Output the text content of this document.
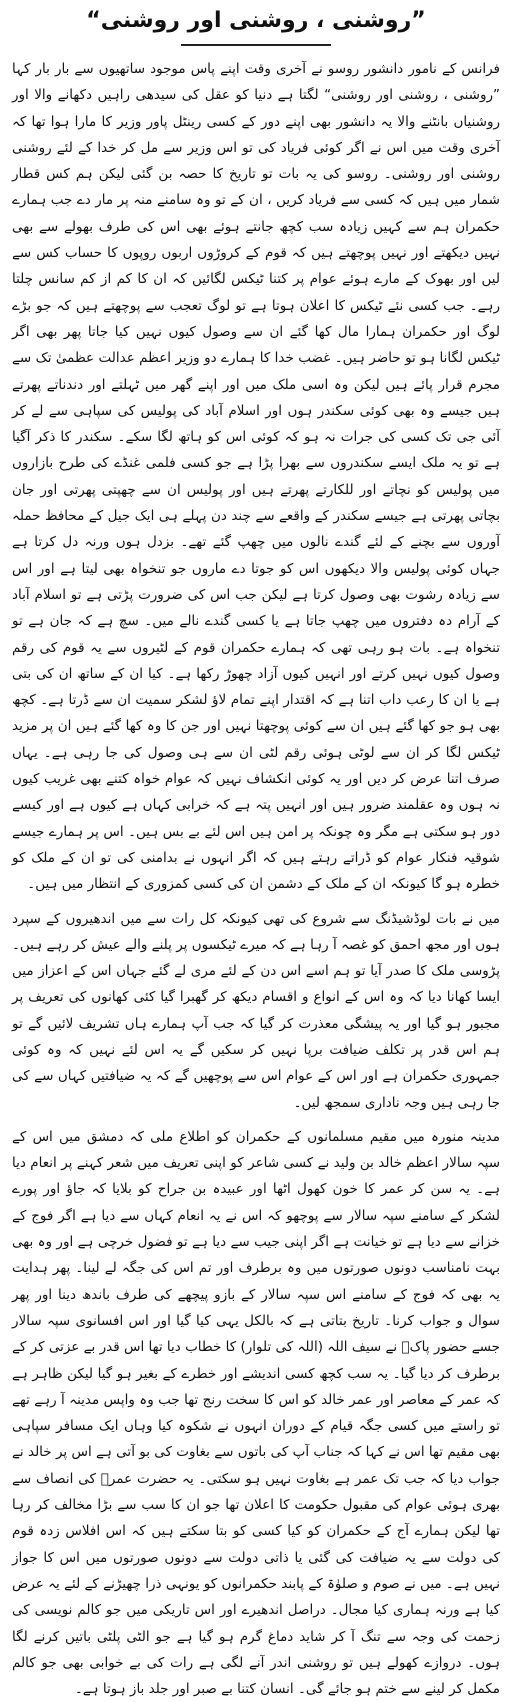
”روشنی ، روشنی اور روشنی“

فرانس کے نامور دانشور روسو نے آخری وقت اپنے پاس موجود ساتھیوں سے بار بار کہا ”روشنی ، روشنی اور روشنی“ لگتا ہے دنیا کو عقل کی سیدھی راہیں دکھانے والا اور روشنیاں بانٹنے والا یہ دانشور بھی اپنے دور کے کسی رینٹل پاور وزیر کا مارا ہوا تھا کہ آخری وقت میں اس نے اگر کوئی فریاد کی تو اس وزیر سے مل کر خدا کے لئے روشنی روشنی اور روشنی۔ روسو کی یہ بات تو تاریخ کا حصہ بن گئی لیکن ہم کس قطار شمار میں ہیں کہ کسی سے فریاد کریں ، ان کے تو وہ سامنے منہ پر مار دے جب ہمارے حکمران ہم سے کہیں زیادہ سب کچھ جانتے ہوئے بھی اس کی طرف بھولے سے بھی نہیں دیکھتے اور نہیں پوچھتے ہیں کہ قوم کے کروڑوں اربوں روپوں کا حساب کس سے لیں اور بھوک کے مارے ہوئے عوام پر کتنا ٹیکس لگائیں کہ ان کا کم از کم سانس چلتا رہے۔ جب کسی نئے ٹیکس کا اعلان ہوتا ہے تو لوگ تعجب سے پوچھتے ہیں کہ جو بڑے لوگ اور حکمران ہمارا مال کھا گئے ان سے وصول کیوں نہیں کیا جاتا پھر بھی اگر ٹیکس لگانا ہو تو حاضر ہیں۔ غضب خدا کا ہمارے دو وزیر اعظم عدالت عظمیٰ تک سے مجرم قرار پائے ہیں لیکن وہ اسی ملک میں اور اپنے گھر میں ٹہلتے اور دندناتے پھرتے ہیں جیسے وہ بھی کوئی سکندر ہوں اور اسلام آباد کی پولیس کی سپاہی سے لے کر آئی جی تک کسی کی جرات نہ ہو کہ کوئی اس کو ہاتھ لگا سکے۔ سکندر کا ذکر آگیا ہے تو یہ ملک ایسے سکندروں سے بھرا پڑا ہے جو کسی فلمی غنڈے کی طرح بازاروں میں پولیس کو نچاتے اور للکارتے پھرتے ہیں اور پولیس ان سے چھپتی پھرتی اور جان بچاتی پھرتی ہے جیسے سکندر کے واقعے سے چند دن پہلے ہی ایک جیل کے محافظ حملہ آوروں سے بچنے کے لئے گندے نالوں میں چھپ گئے تھے۔ بزدل ہوں ورنہ دل کرتا ہے جہاں کوئی پولیس والا دیکھوں اس کو جوتا دے ماروں جو تنخواہ بھی لیتا ہے اور اس سے زیادہ رشوت بھی وصول کرتا ہے لیکن جب اس کی ضرورت پڑتی ہے تو اسلام آباد کے آرام دہ دفتروں میں چھپ جاتا ہے یا کسی گندے نالے میں۔ سچ ہے کہ جان ہے تو تنخواہ ہے۔ بات ہو رہی تھی کہ ہمارے حکمران قوم کے لٹیروں سے یہ قوم کی رقم وصول کیوں نہیں کرتے اور انہیں کیوں آزاد چھوڑ رکھا ہے۔ کیا ان کے ساتھ ان کی بتی ہے یا ان کا رعب داب اتنا ہے کہ اقتدار اپنے تمام لاؤ لشکر سمیت ان سے ڈرتا ہے۔ کچھ بھی ہو جو کھا گئے ہیں ان سے کوئی پوچھتا نہیں اور جن کا وہ کھا گئے ہیں ان پر مزید ٹیکس لگا کر ان سے لوٹی ہوئی رقم لٹی ان سے ہی وصول کی جا رہی ہے۔ یہاں صرف اتنا عرض کر دیں اور یہ کوئی انکشاف نہیں کہ عوام خواہ کتنے بھی غریب کیوں نہ ہوں وہ عقلمند ضرور ہیں اور انہیں پتہ ہے کہ خرابی کہاں ہے کیوں ہے اور کیسے دور ہو سکتی ہے مگر وہ چونکہ پر امن ہیں اس لئے بے بس ہیں۔ اس پر ہمارے جیسے شوقیہ فنکار عوام کو ڈراتے رہتے ہیں کہ اگر انہوں نے بدامنی کی تو ان کے ملک کو خطرہ ہو گا کیونکہ ان کے ملک کے دشمن ان کی کسی کمزوری کے انتظار میں ہیں۔

میں نے بات لوڈشیڈنگ سے شروع کی تھی کیونکہ کل رات سے میں اندھیروں کے سپرد ہوں اور مجھ احمق کو غصہ آ رہا ہے کہ میرے ٹیکسوں پر پلنے والے عیش کر رہے ہیں۔ پڑوسی ملک کا صدر آیا تو ہم اسے اس دن کے لئے مری لے گئے جہاں اس کے اعزاز میں ایسا کھانا دیا کہ وہ اس کے انواع و اقسام دیکھ کر گھبرا گیا کئی کھانوں کی تعریف پر مجبور ہو گیا اور یہ پیشگی معذرت کر گیا کہ جب آپ ہمارے ہاں تشریف لائیں گے تو ہم اس قدر پر تکلف ضیافت برپا نہیں کر سکیں گے یہ اس لئے نہیں کہ وہ کوئی جمہوری حکمران ہے اور اس کے عوام اس سے پوچھیں گے کہ یہ ضیافتیں کہاں سے کی جا رہی ہیں وجہ ناداری سمجھ لیں۔

مدینہ منورہ میں مقیم مسلمانوں کے حکمران کو اطلاع ملی کہ دمشق میں اس کے سپہ سالار اعظم خالد بن ولید نے کسی شاعر کو اپنی تعریف میں شعر کہنے پر انعام دیا ہے۔ یہ سن کر عمر کا خون کھول اٹھا اور عبیدہ بن جراح کو بلایا کہ جاؤ اور پورے لشکر کے سامنے سپہ سالار سے پوچھو کہ اس نے یہ انعام کہاں سے دیا ہے اگر فوج کے خزانے سے دیا ہے تو خیانت ہے اگر اپنی جیب سے دیا ہے تو فضول خرچی ہے اور وہ بھی بہت نامناسب دونوں صورتوں میں وہ برطرف اور تم اس کی جگہ لے لینا۔ پھر ہدایت یہ بھی کہ فوج کے سامنے اس سپہ سالار کے بازو پیچھے کی طرف باندھ دینا اور پھر سوال و جواب کرنا۔ تاریخ بتاتی ہے کہ بالکل یہی کیا گیا اور اس افسانوی سپہ سالار جسے حضور پاکﷺ نے سیف اللہ (اللہ کی تلوار) کا خطاب دیا تھا اس قدر بے عزتی کر کے برطرف کر دیا گیا۔ یہ سب کچھ کسی اندیشے اور خطرے کے بغیر ہو گیا لیکن ظاہر ہے کہ عمر کے معاصر اور عمر خالد کو اس کا سخت رنج تھا جب وہ واپس مدینہ آ رہے تھے تو راستے میں کسی جگہ قیام کے دوران انہوں نے شکوہ کیا وہاں ایک مسافر سپاہی بھی مقیم تھا اس نے کہا کہ جناب آپ کی باتوں سے بغاوت کی بو آتی ہے اس پر خالد نے جواب دیا کہ جب تک عمر ہے بغاوت نہیں ہو سکتی۔ یہ حضرت عمرؓ کی انصاف سے بھری ہوئی عوام کی مقبول حکومت کا اعلان تھا جو ان کا سب سے بڑا مخالف کر رہا تھا لیکن ہمارے آج کے حکمران کو کیا کسی کو بتا سکتے ہیں کہ اس افلاس زدہ قوم کی دولت سے یہ ضیافت کی گئی یا ذاتی دولت سے دونوں صورتوں میں اس کا جواز نہیں ہے۔ میں نے صوم و صلوٰۃ کے پابند حکمرانوں کو یونہی ذرا چھیڑنے کے لئے یہ عرض کیا ہے ورنہ ہماری کیا مجال۔ دراصل اندھیرے اور اس تاریکی میں جو کالم نویسی کی زحمت کی وجہ سے تنگ آ کر شاید دماغ گرم ہو گیا ہے جو الٹی پلٹی باتیں کرنے لگا ہوں۔ دروازے کھولے ہیں تو روشنی اندر آنے لگی ہے رات کی بے خوابی بھی جو کالم مکمل کر لینے سے ختم ہو جائے گی۔ انسان کتنا بے صبر اور جلد باز ہوتا ہے۔
